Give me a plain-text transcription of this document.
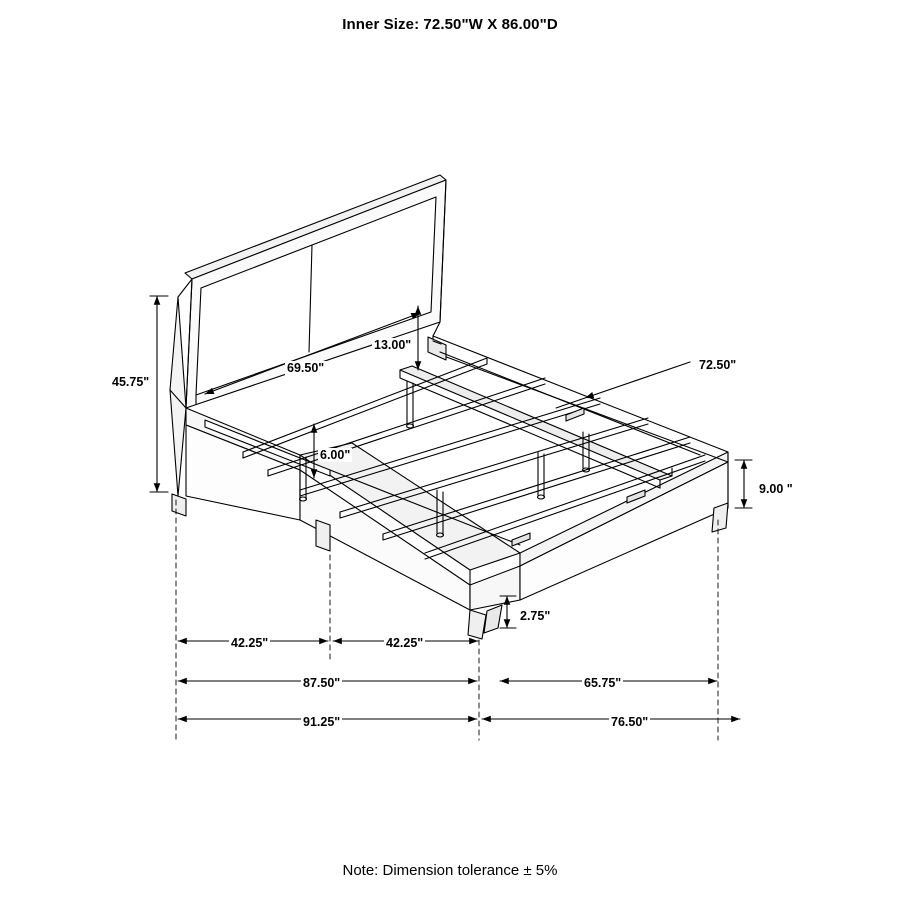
Inner Size: 72.50"W X 86.00"D
45.75"
69.50"
13.00"
72.50"
6.00"
9.00 "
2.75"
42.25"	42.25"
87.50"	65.75"
91.25"	76.50"
Note: Dimension tolerance ± 5%
